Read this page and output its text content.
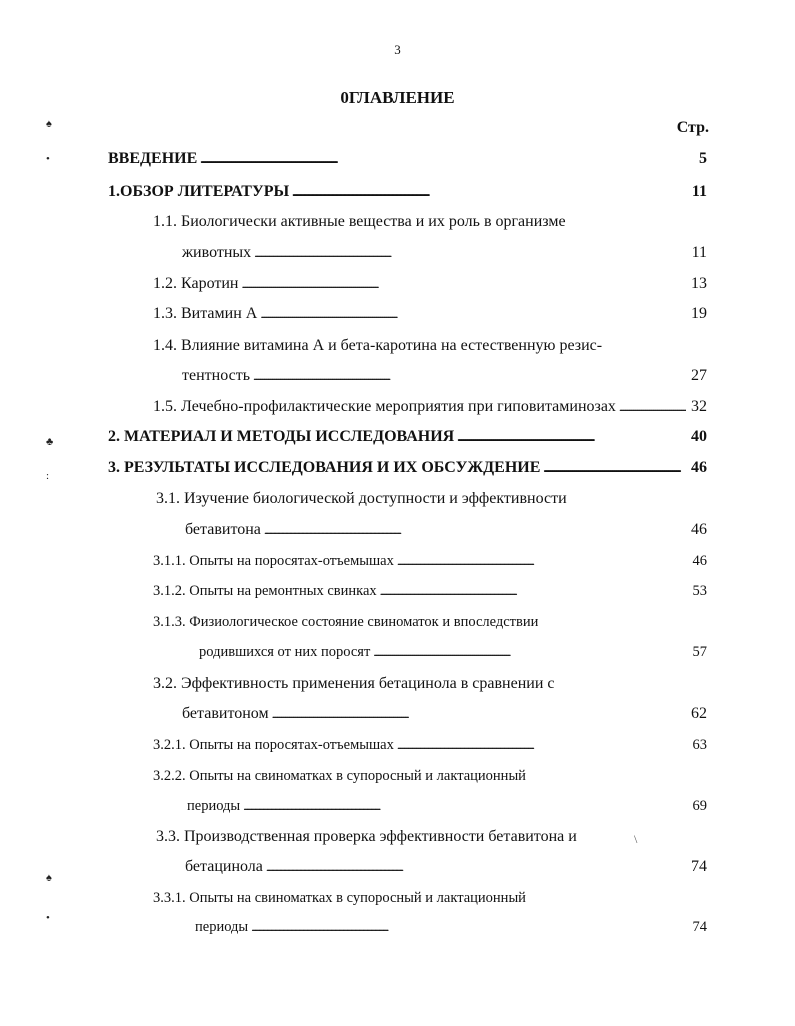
3
0ГЛАВЛЕНИЕ
Стр.
♠
•
♣
:
♠
•
\
ВВЕДЕНИЕ . . .	5
1.ОБЗОР ЛИТЕРАТУРЫ . . .	11
1.1. Биологически активные вещества и их роль в организме
животных . . .	11
1.2. Каротин . . .	13
1.3. Витамин А . . .	19
1.4. Влияние витамина А и бета-каротина на естественную резис-
тентность . . .	27
1.5. Лечебно-профилактические мероприятия при гиповитаминозах . . .	32
2. МАТЕРИАЛ И МЕТОДЫ ИССЛЕДОВАНИЯ . . .	40
3. РЕЗУЛЬТАТЫ ИССЛЕДОВАНИЯ И ИХ ОБСУЖДЕНИЕ . . .	46
3.1. Изучение биологической доступности и эффективности
бетавитона . . .	46
3.1.1. Опыты на поросятах-отъемышах . . .	46
3.1.2. Опыты на ремонтных свинках . . .	53
3.1.3. Физиологическое состояние свиноматок и впоследствии
родившихся от них поросят . . .	57
3.2. Эффективность применения бетацинола в сравнении с
бетавитоном . . .	62
3.2.1. Опыты на поросятах-отъемышах . . .	63
3.2.2. Опыты на свиноматках в супоросный и лактационный
периоды . . .	69
3.3. Производственная проверка эффективности бетавитона и
бетацинола . . .	74
3.3.1. Опыты на свиноматках в супоросный и лактационный
периоды . . .	74
